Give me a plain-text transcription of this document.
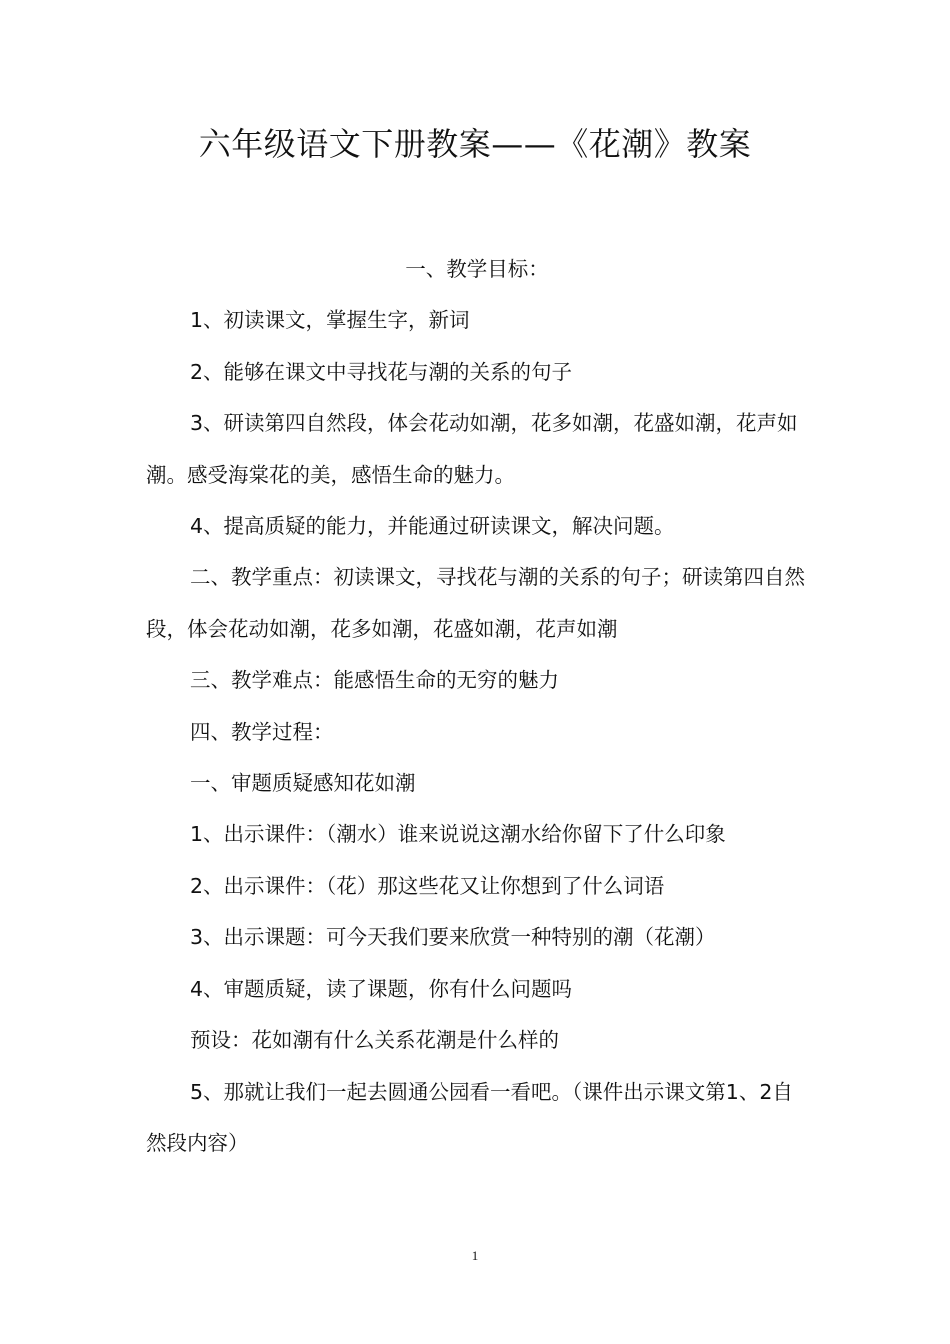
六年级语文下册教案——《花潮》教案

一、教学目标：

1、初读课文，掌握生字，新词

2、能够在课文中寻找花与潮的关系的句子

3、研读第四自然段，体会花动如潮，花多如潮，花盛如潮，花声如潮。感受海棠花的美，感悟生命的魅力。

4、提高质疑的能力，并能通过研读课文，解决问题。

二、教学重点：初读课文，寻找花与潮的关系的句子；研读第四自然段，体会花动如潮，花多如潮，花盛如潮，花声如潮

三、教学难点：能感悟生命的无穷的魅力

四、教学过程：

一、审题质疑感知花如潮

1、出示课件：（潮水）谁来说说这潮水给你留下了什么印象

2、出示课件：（花）那这些花又让你想到了什么词语

3、出示课题：可今天我们要来欣赏一种特别的潮（花潮）

4、审题质疑，读了课题，你有什么问题吗

预设：花如潮有什么关系花潮是什么样的

5、那就让我们一起去圆通公园看一看吧。（课件出示课文第1、2自然段内容）

1
